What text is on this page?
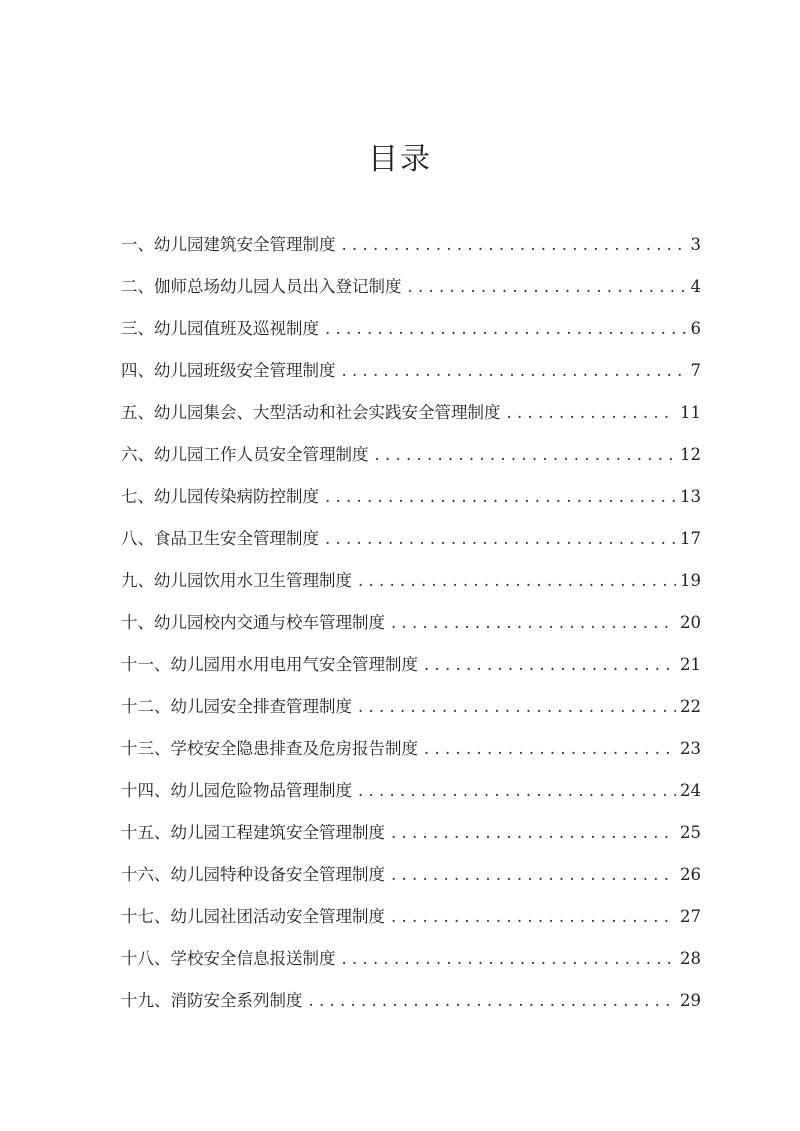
目录
一、幼儿园建筑安全管理制度 . . .	3
二、伽师总场幼儿园人员出入登记制度 . . .	4
三、幼儿园值班及巡视制度 . . .	6
四、幼儿园班级安全管理制度 . . .	7
五、幼儿园集会、大型活动和社会实践安全管理制度 . . .	11
六、幼儿园工作人员安全管理制度 . . .	12
七、幼儿园传染病防控制度 . . .	13
八、食品卫生安全管理制度 . . .	17
九、幼儿园饮用水卫生管理制度 . . .	19
十、幼儿园校内交通与校车管理制度 . . .	20
十一、幼儿园用水用电用气安全管理制度 . . .	21
十二、幼儿园安全排查管理制度 . . .	22
十三、学校安全隐患排查及危房报告制度 . . .	23
十四、幼儿园危险物品管理制度 . . .	24
十五、幼儿园工程建筑安全管理制度 . . .	25
十六、幼儿园特种设备安全管理制度 . . .	26
十七、幼儿园社团活动安全管理制度 . . .	27
十八、学校安全信息报送制度 . . .	28
十九、消防安全系列制度 . . .	29
